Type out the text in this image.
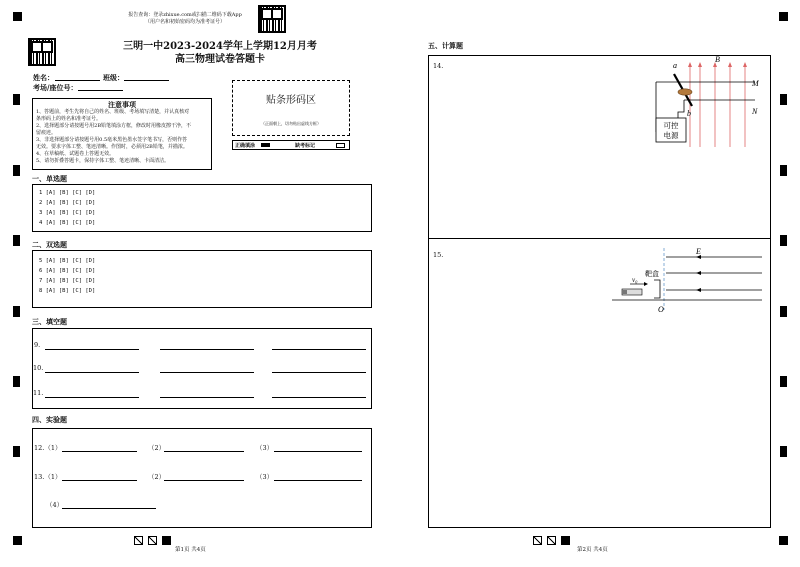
报告查询：登录zhixue.com或扫描二维码下载App
（用户名和初始密码均为准考证号）
三明一中2023-2024学年上学期12月月考
高三物理试卷答题卡
姓名：	班级：
考场/座位号：
注意事项
1、答题前，考生先将自己的姓名、班级、考场填写清楚，并认真核对
条形码上的姓名和准考证号。
2、选择题部分请按题号用2B铅笔填涂方框，修改时用橡皮擦干净，不
留痕迹。
3、非选择题部分请按题号用0.5毫米黑色墨水签字笔书写，否则作答
无效。要求字体工整、笔迹清晰。作图时，必须用2B铅笔，并描浓。
4、在草稿纸、试题卷上答题无效。
5、请勿折叠答题卡，保持字体工整、笔迹清晰、卡面清洁。
贴条形码区
（正面朝上，切勿贴出虚线方框）
正确填涂	缺考标记
一、单选题
1 [A] [B] [C] [D]
2 [A] [B] [C] [D]
3 [A] [B] [C] [D]
4 [A] [B] [C] [D]
二、双选题
5 [A] [B] [C] [D]
6 [A] [B] [C] [D]
7 [A] [B] [C] [D]
8 [A] [B] [C] [D]
三、填空题
9.
10.
11.
四、实验题
12.（1）	（2）	（3）
13.（1）	（2）	（3）
（4）
第1页 共4页
五、计算题
14.
15.
a
b
B
M
N
可控
电源
E
v₀
靶盒
O
第2页 共4页
